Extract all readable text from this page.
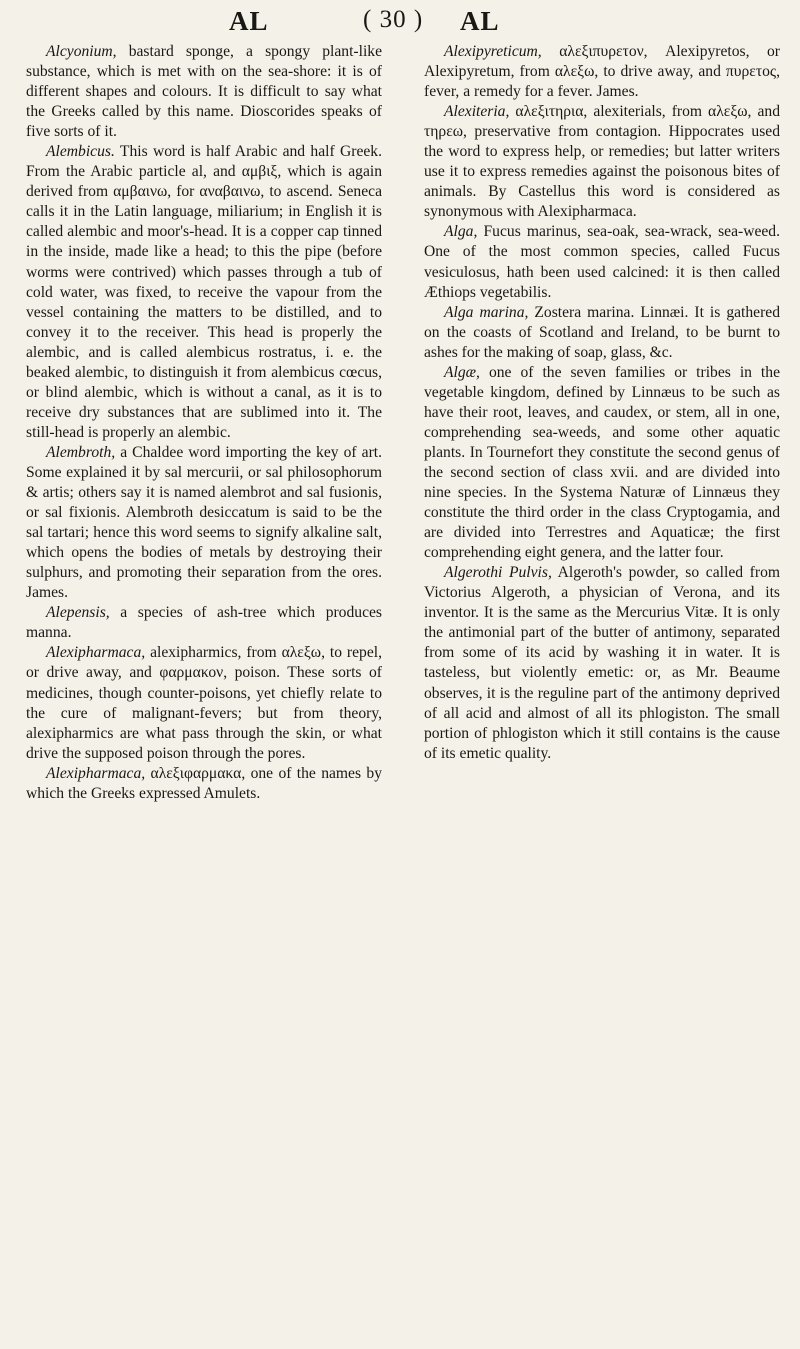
AL	( 30 ) AL

Alcyonium, bastard sponge, a spongy plant-like substance, which is met with on the sea-shore: it is of different shapes and colours. It is difficult to say what the Greeks called by this name. Dioscorides speaks of five sorts of it.

Alembicus. This word is half Arabic and half Greek. From the Arabic particle al, and αμβιξ, which is again derived from αμβαινω, for αναβαινω, to ascend. Seneca calls it in the Latin language, miliarium; in English it is called alembic and moor's-head. It is a copper cap tinned in the inside, made like a head; to this the pipe (before worms were contrived) which passes through a tub of cold water, was fixed, to receive the vapour from the vessel containing the matters to be distilled, and to convey it to the receiver. This head is properly the alembic, and is called alembicus rostratus, i. e. the beaked alembic, to distinguish it from alembicus cœcus, or blind alembic, which is without a canal, as it is to receive dry substances that are sublimed into it. The still-head is properly an alembic.

Alembroth, a Chaldee word importing the key of art. Some explained it by sal mercurii, or sal philosophorum & artis; others say it is named alembrot and sal fusionis, or sal fixionis. Alembroth desiccatum is said to be the sal tartari; hence this word seems to signify alkaline salt, which opens the bodies of metals by destroying their sulphurs, and promoting their separation from the ores. James.

Alepensis, a species of ash-tree which produces manna.

Alexipharmaca, alexipharmics, from αλεξω, to repel, or drive away, and φαρμακον, poison. These sorts of medicines, though counter-poisons, yet chiefly relate to the cure of malignant-fevers; but from theory, alexipharmics are what pass through the skin, or what drive the supposed poison through the pores.

Alexipharmaca, αλεξιφαρμακα, one of the names by which the Greeks expressed Amulets.

Alexipyreticum, αλεξιπυρετον, Alexipyretos, or Alexipyretum, from αλεξω, to drive away, and πυρετος, fever, a remedy for a fever. James.

Alexiteria, αλεξιτηρια, alexiterials, from αλεξω, and τηρεω, preservative from contagion. Hippocrates used the word to express help, or remedies; but latter writers use it to express remedies against the poisonous bites of animals. By Castellus this word is considered as synonymous with Alexipharmaca.

Alga, Fucus marinus, sea-oak, sea-wrack, sea-weed. One of the most common species, called Fucus vesiculosus, hath been used calcined: it is then called Æthiops vegetabilis.

Alga marina, Zostera marina. Linnæi. It is gathered on the coasts of Scotland and Ireland, to be burnt to ashes for the making of soap, glass, &c.

Algæ, one of the seven families or tribes in the vegetable kingdom, defined by Linnæus to be such as have their root, leaves, and caudex, or stem, all in one, comprehending sea-weeds, and some other aquatic plants. In Tournefort they constitute the second genus of the second section of class xvii. and are divided into nine species. In the Systema Naturæ of Linnæus they constitute the third order in the class Cryptogamia, and are divided into Terrestres and Aquaticæ; the first comprehending eight genera, and the latter four.

Algerothi Pulvis, Algeroth's powder, so called from Victorius Algeroth, a physician of Verona, and its inventor. It is the same as the Mercurius Vitæ. It is only the antimonial part of the butter of antimony, separated from some of its acid by washing it in water. It is tasteless, but violently emetic: or, as Mr. Beaume observes, it is the reguline part of the antimony deprived of all acid and almost of all its phlogiston. The small portion of phlogiston which it still contains is the cause of its emetic quality.
